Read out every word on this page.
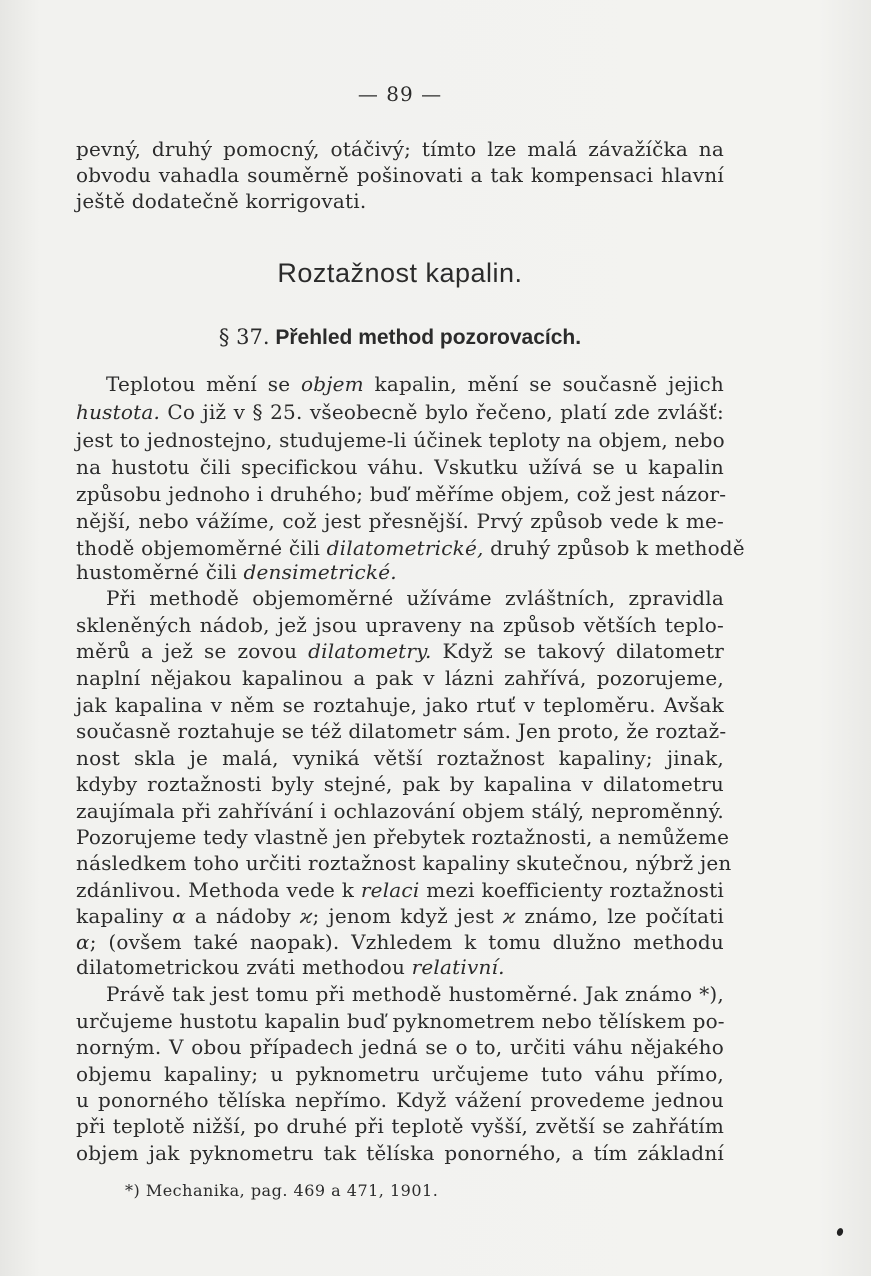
— 89 —
pevný, druhý pomocný, otáčivý; tímto lze malá závažíčka na
obvodu vahadla souměrně pošinovati a tak kompensaci hlavní
ještě dodatečně korrigovati.
Roztažnost kapalin.
§ 37. Přehled method pozorovacích.
Teplotou mění se objem kapalin, mění se současně jejich
hustota. Co již v § 25. všeobecně bylo řečeno, platí zde zvlášť:
jest to jednostejno, studujeme-li účinek teploty na objem, nebo
na hustotu čili specifickou váhu. Vskutku užívá se u kapalin
způsobu jednoho i druhého; buď měříme objem, což jest názor-
nější, nebo vážíme, což jest přesnější. Prvý způsob vede k me-
thodě objemoměrné čili dilatometrické, druhý způsob k methodě
hustoměrné čili densimetrické.
Při methodě objemoměrné užíváme zvláštních, zpravidla
skleněných nádob, jež jsou upraveny na způsob větších teplo-
měrů a jež se zovou dilatometry. Když se takový dilatometr
naplní nějakou kapalinou a pak v lázni zahřívá, pozorujeme,
jak kapalina v něm se roztahuje, jako rtuť v teploměru. Avšak
současně roztahuje se též dilatometr sám. Jen proto, že roztaž-
nost skla je malá, vyniká větší roztažnost kapaliny; jinak,
kdyby roztažnosti byly stejné, pak by kapalina v dilatometru
zaujímala při zahřívání i ochlazování objem stálý, neproměnný.
Pozorujeme tedy vlastně jen přebytek roztažnosti, a nemůžeme
následkem toho určiti roztažnost kapaliny skutečnou, nýbrž jen
zdánlivou. Methoda vede k relaci mezi koefficienty roztažnosti
kapaliny α a nádoby ϰ; jenom když jest ϰ známo, lze počítati
α; (ovšem také naopak). Vzhledem k tomu dlužno methodu
dilatometrickou zváti methodou relativní.
Právě tak jest tomu při methodě hustoměrné. Jak známo *),
určujeme hustotu kapalin buď pyknometrem nebo tělískem po-
norným. V obou případech jedná se o to, určiti váhu nějakého
objemu kapaliny; u pyknometru určujeme tuto váhu přímo,
u ponorného tělíska nepřímo. Když vážení provedeme jednou
při teplotě nižší, po druhé při teplotě vyšší, zvětší se zahřátím
objem jak pyknometru tak tělíska ponorného, a tím základní
*) Mechanika, pag. 469 a 471, 1901.
